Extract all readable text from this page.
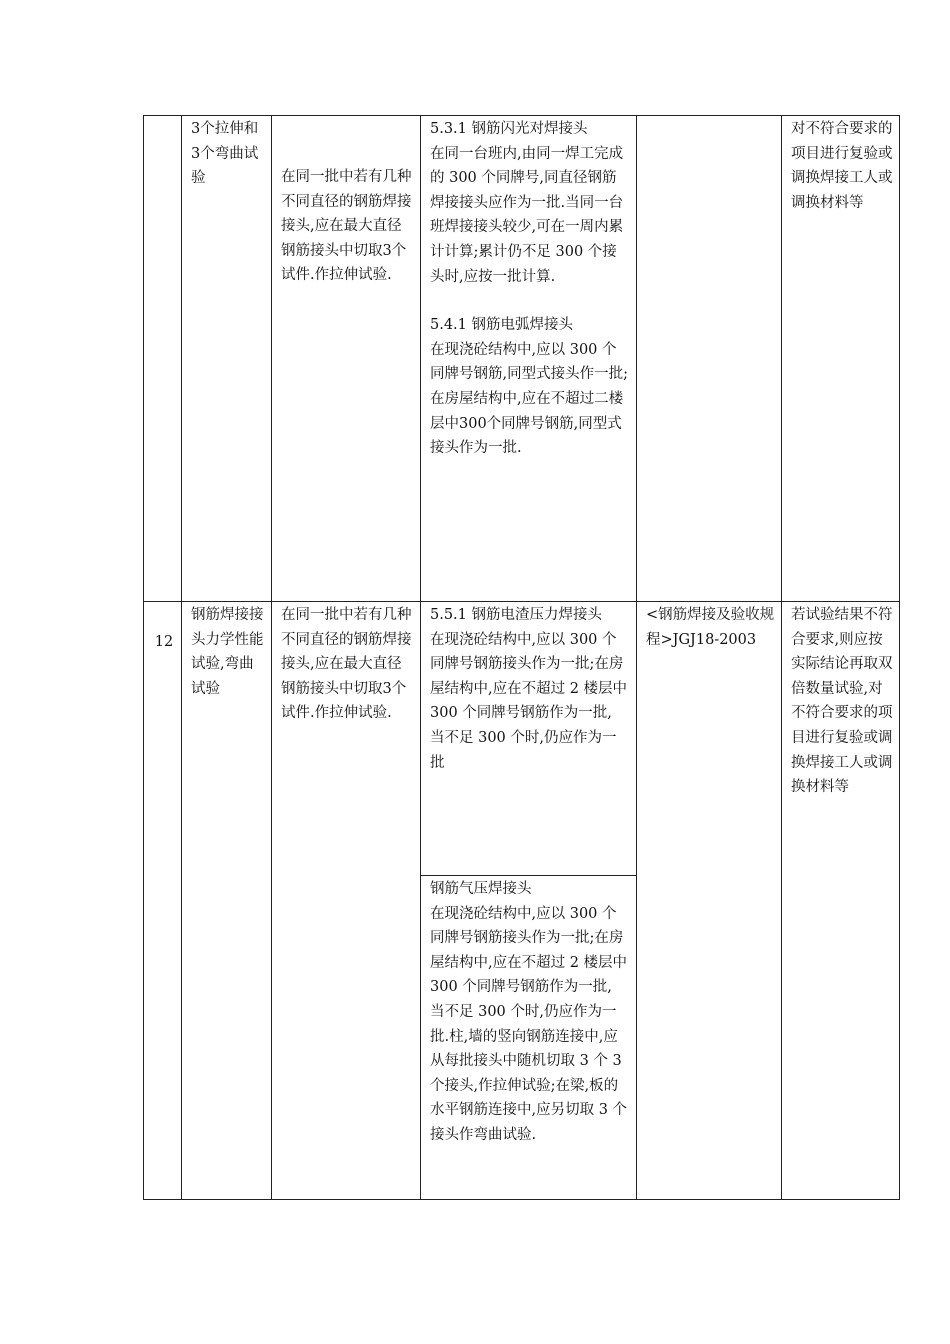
	3个拉伸和3个弯曲试验	在同一批中若有几种不同直径的钢筋焊接接头,应在最大直径钢筋接头中切取3个试件.作拉伸试验.	5.3.1 钢筋闪光对焊接头
在同一台班内,由同一焊工完成的 300 个同牌号,同直径钢筋焊接接头应作为一批.当同一台班焊接接头较少,可在一周内累计计算;累计仍不足 300 个接头时,应按一批计算.
5.4.1 钢筋电弧焊接头
在现浇砼结构中,应以 300 个同牌号钢筋,同型式接头作一批; 在房屋结构中,应在不超过二楼层中300个同牌号钢筋,同型式接头作为一批.		对不符合要求的项目进行复验或调换焊接工人或调换材料等

12	钢筋焊接接头力学性能试验,弯曲试验	在同一批中若有几种不同直径的钢筋焊接接头,应在最大直径钢筋接头中切取3个试件.作拉伸试验.	5.5.1 钢筋电渣压力焊接头
在现浇砼结构中,应以 300 个同牌号钢筋接头作为一批;在房屋结构中,应在不超过 2 楼层中 300 个同牌号钢筋作为一批, 当不足 300 个时,仍应作为一批	<钢筋焊接及验收规程>JGJ18-2003	若试验结果不符合要求,则应按实际结论再取双倍数量试验,对不符合要求的项目进行复验或调换焊接工人或调换材料等

			钢筋气压焊接头
在现浇砼结构中,应以 300 个同牌号钢筋接头作为一批;在房屋结构中,应在不超过 2 楼层中 300 个同牌号钢筋作为一批, 当不足 300 个时,仍应作为一批.柱,墙的竖向钢筋连接中,应从每批接头中随机切取 3 个 3 个接头,作拉伸试验;在梁,板的水平钢筋连接中,应另切取 3 个接头作弯曲试验.		
